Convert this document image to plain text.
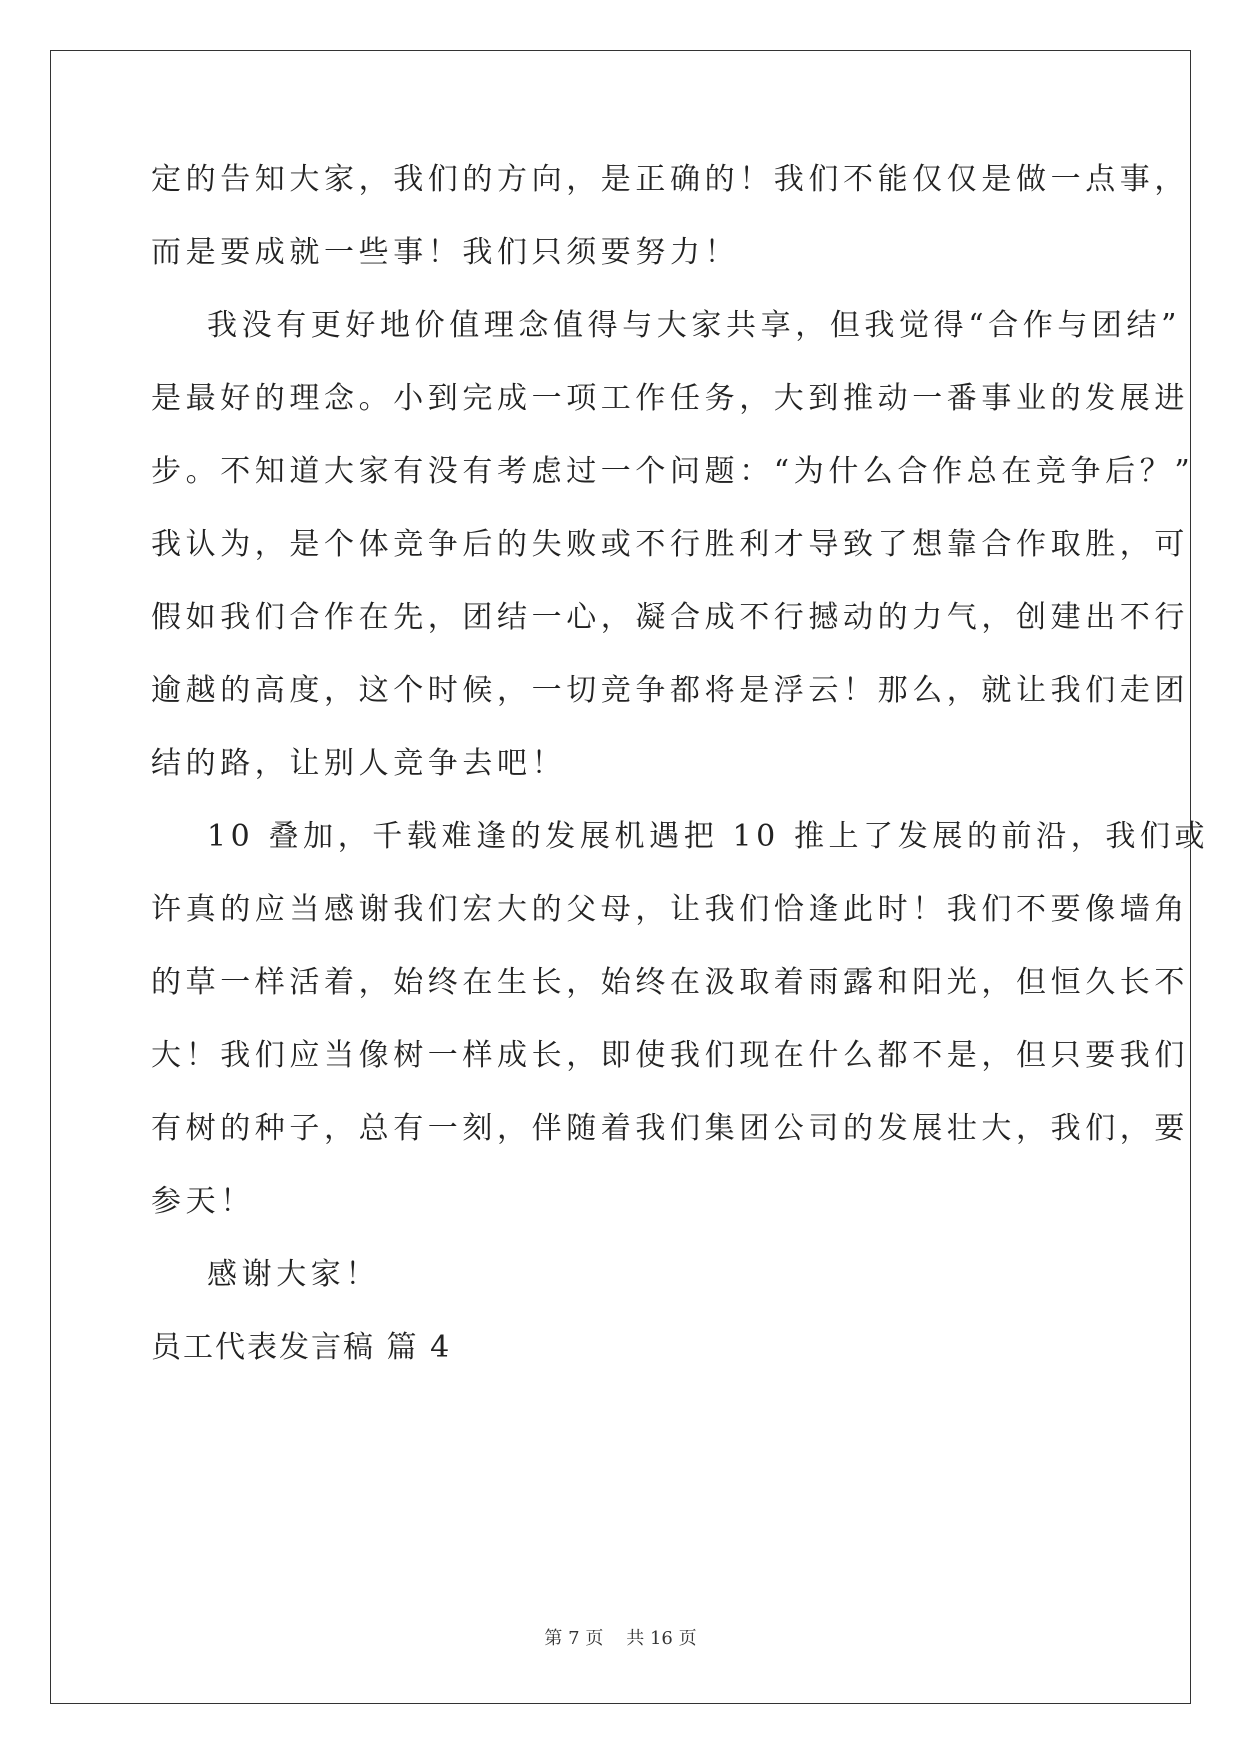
定的告知大家，我们的方向，是正确的！我们不能仅仅是做一点事，
而是要成就一些事！我们只须要努力！
我没有更好地价值理念值得与大家共享，但我觉得“合作与团结”
是最好的理念。小到完成一项工作任务，大到推动一番事业的发展进
步。不知道大家有没有考虑过一个问题：“为什么合作总在竞争后？”
我认为，是个体竞争后的失败或不行胜利才导致了想靠合作取胜，可
假如我们合作在先，团结一心，凝合成不行撼动的力气，创建出不行
逾越的高度，这个时候，一切竞争都将是浮云！那么，就让我们走团
结的路，让别人竞争去吧！
10 叠加，千载难逢的发展机遇把 10 推上了发展的前沿，我们或
许真的应当感谢我们宏大的父母，让我们恰逢此时！我们不要像墙角
的草一样活着，始终在生长，始终在汲取着雨露和阳光，但恒久长不
大！我们应当像树一样成长，即使我们现在什么都不是，但只要我们
有树的种子，总有一刻，伴随着我们集团公司的发展壮大，我们，要
参天！
感谢大家！
员工代表发言稿 篇 4
第 7 页 共 16 页
